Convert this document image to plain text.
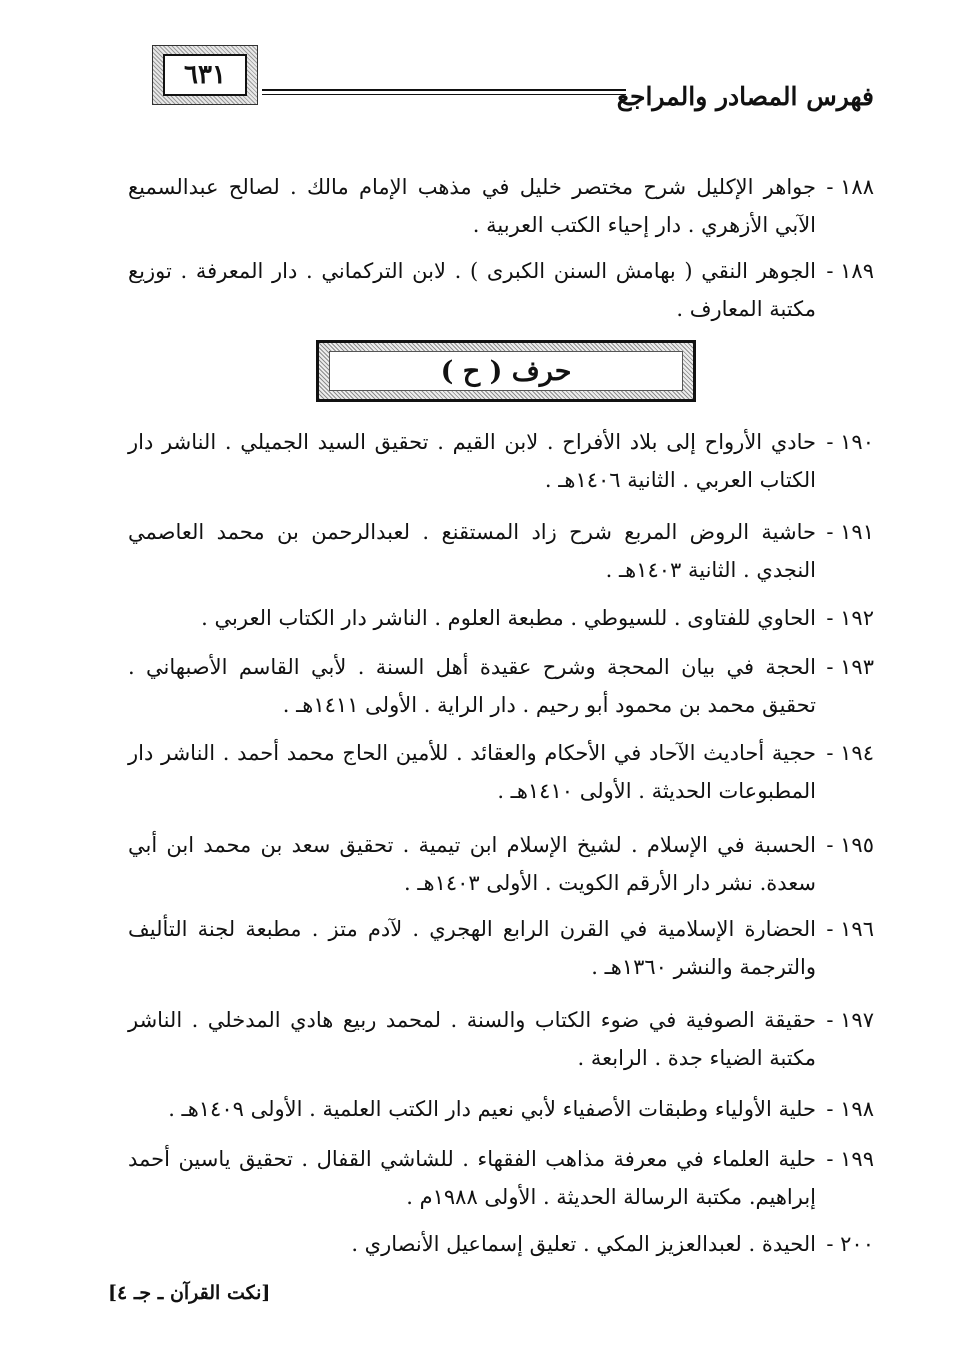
٦٣١
فهرس المصادر والمراجع
١٨٨ -
جواهر الإكليل شرح مختصر خليل في مذهب الإمام مالك . لصالح عبدالسميع الآبي الأزهري . دار إحياء الكتب العربية .
١٨٩ -
الجوهر النقي ( بهامش السنن الكبرى ) . لابن التركماني . دار المعرفة . توزيع مكتبة المعارف .
١٩٠ -
حادي الأرواح إلى بلاد الأفراح . لابن القيم . تحقيق السيد الجميلي . الناشر دار الكتاب العربي . الثانية ١٤٠٦هـ .
١٩١ -
حاشية الروض المربع شرح زاد المستقنع . لعبدالرحمن بن محمد العاصمي النجدي . الثانية ١٤٠٣هـ .
١٩٢ -
الحاوي للفتاوى . للسيوطي . مطبعة العلوم . الناشر دار الكتاب العربي .
١٩٣ -
الحجة في بيان المحجة وشرح عقيدة أهل السنة . لأبي القاسم الأصبهاني . تحقيق محمد بن محمود أبو رحيم . دار الراية . الأولى ١٤١١هـ .
١٩٤ -
حجية أحاديث الآحاد في الأحكام والعقائد . للأمين الحاج محمد أحمد . الناشر دار المطبوعات الحديثة . الأولى ١٤١٠هـ .
١٩٥ -
الحسبة في الإسلام . لشيخ الإسلام ابن تيمية . تحقيق سعد بن محمد ابن أبي سعدة. نشر دار الأرقم الكويت . الأولى ١٤٠٣هـ .
١٩٦ -
الحضارة الإسلامية في القرن الرابع الهجري . لآدم متز . مطبعة لجنة التأليف والترجمة والنشر ١٣٦٠هـ .
١٩٧ -
حقيقة الصوفية في ضوء الكتاب والسنة . لمحمد ربيع هادي المدخلي . الناشر مكتبة الضياء جدة . الرابعة .
١٩٨ -
حلية الأولياء وطبقات الأصفياء لأبي نعيم دار الكتب العلمية . الأولى ١٤٠٩هـ .
١٩٩ -
حلية العلماء في معرفة مذاهب الفقهاء . للشاشي القفال . تحقيق ياسين أحمد إبراهيم. مكتبة الرسالة الحديثة . الأولى ١٩٨٨م .
٢٠٠ -
الحيدة . لعبدالعزيز المكي . تعليق إسماعيل الأنصاري .
حرف ( ح )
[نكت القرآن ـ جـ ٤]
